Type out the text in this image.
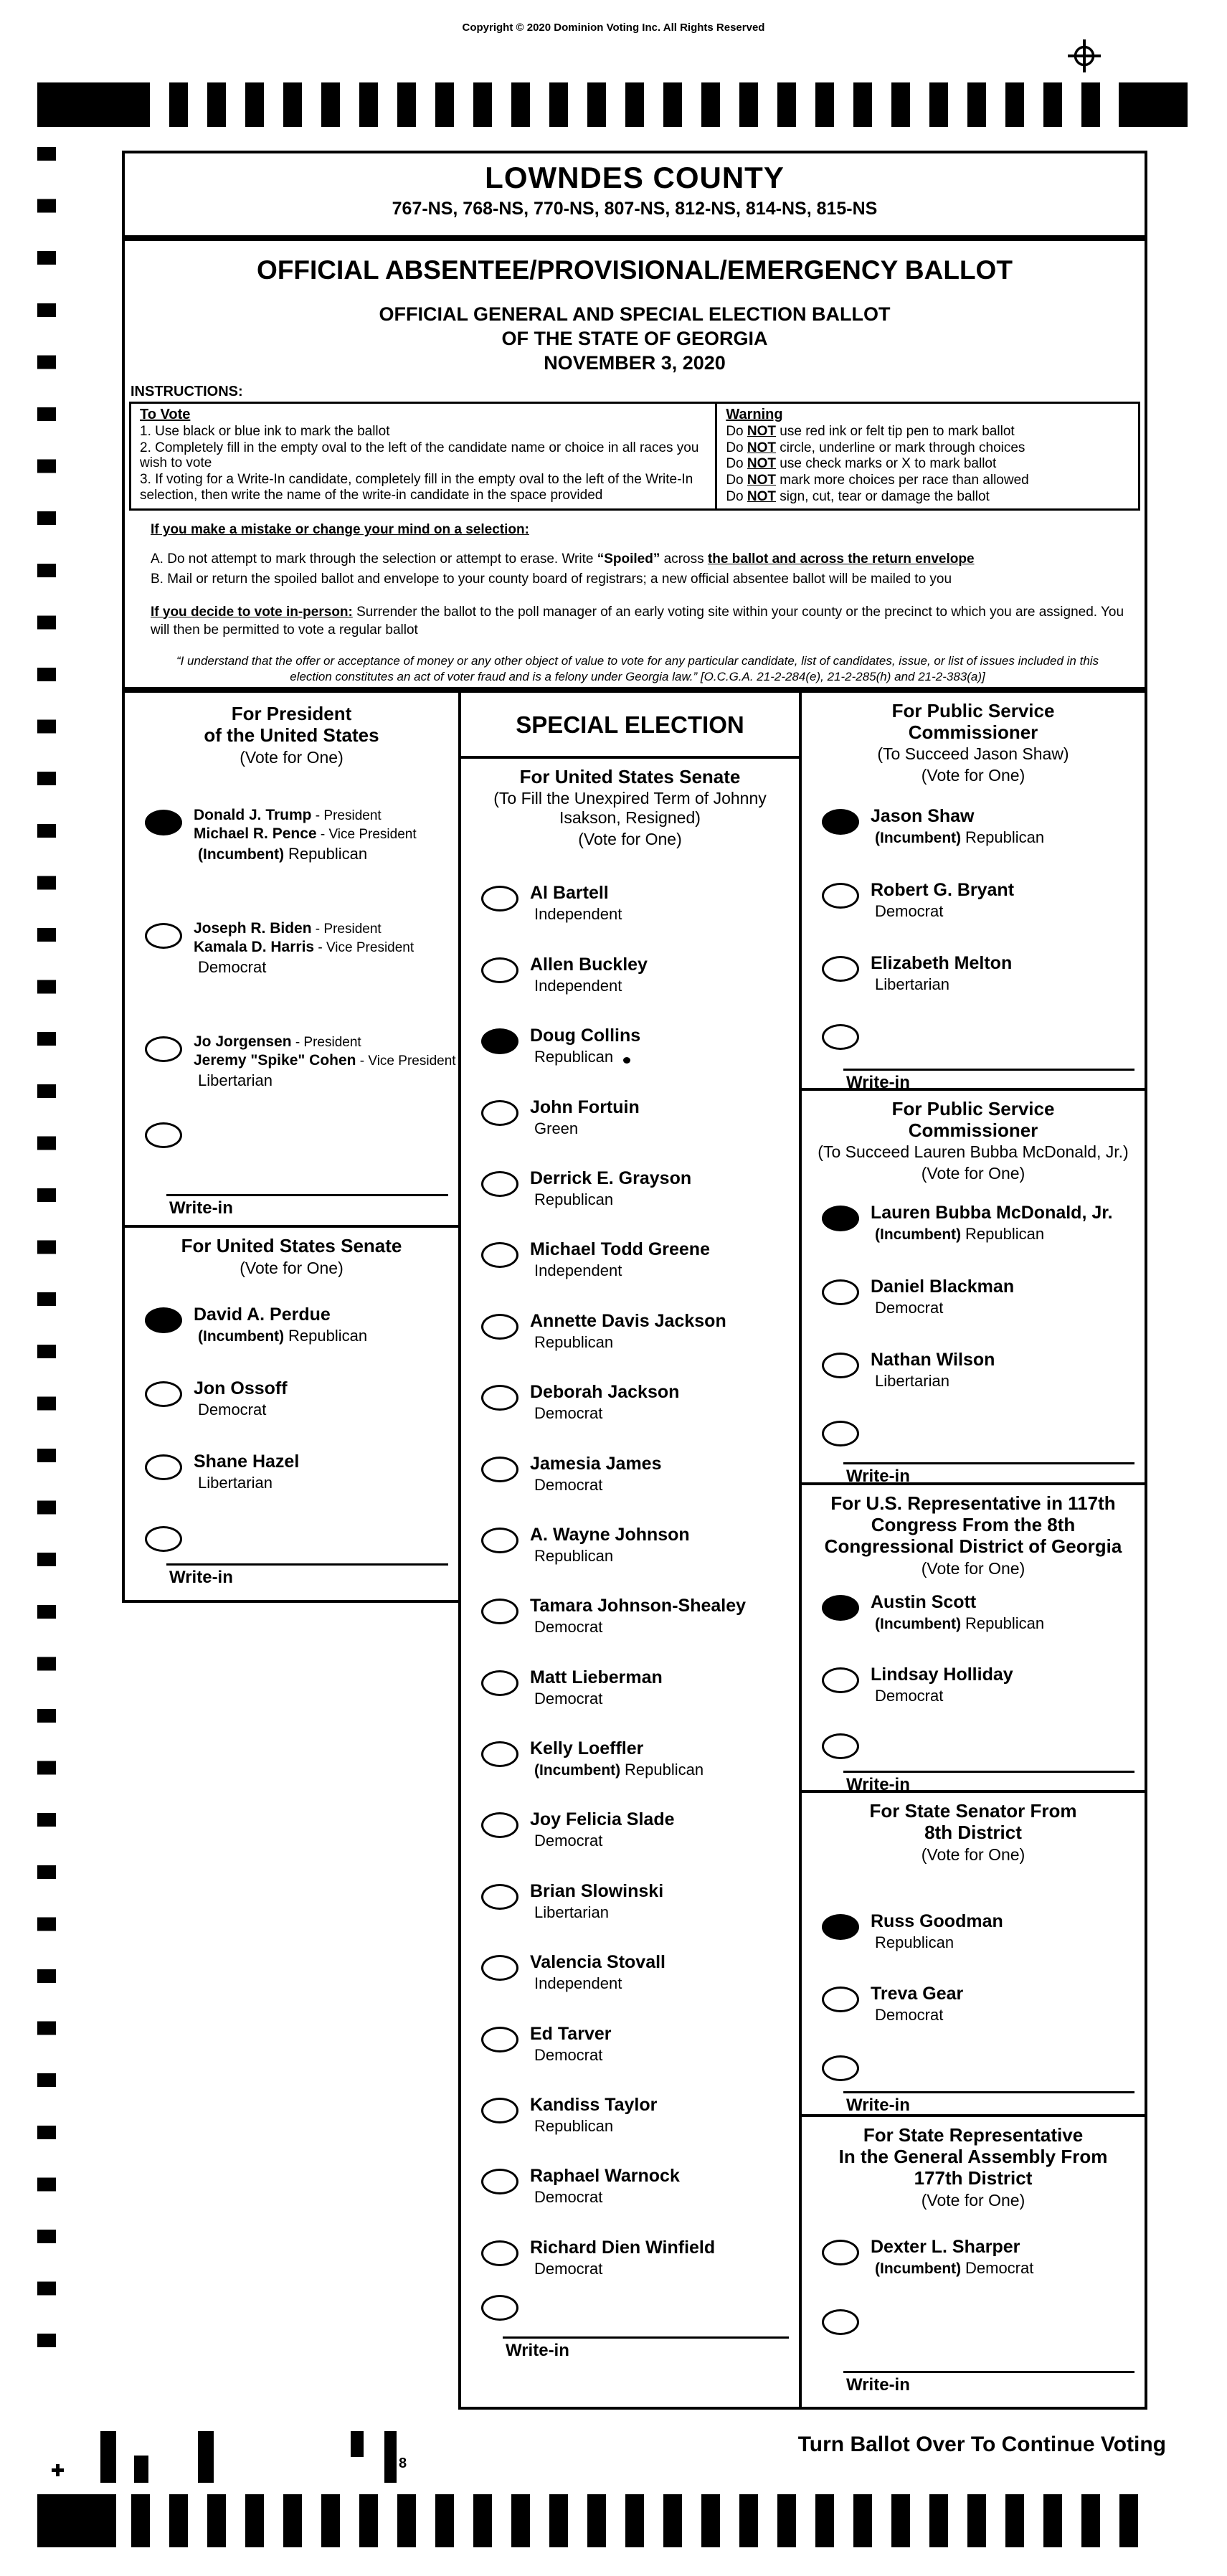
Copyright © 2020 Dominion Voting Inc. All Rights Reserved
LOWNDES COUNTY
767-NS, 768-NS, 770-NS, 807-NS, 812-NS, 814-NS, 815-NS
OFFICIAL ABSENTEE/PROVISIONAL/EMERGENCY BALLOT
OFFICIAL GENERAL AND SPECIAL ELECTION BALLOT
OF THE STATE OF GEORGIA
NOVEMBER 3, 2020
INSTRUCTIONS:
To Vote
1. Use black or blue ink to mark the ballot
2. Completely fill in the empty oval to the left of the candidate name or choice in all races you wish to vote
3. If voting for a Write-In candidate, completely fill in the empty oval to the left of the Write-In selection, then write the name of the write-in candidate in the space provided
Warning
Do NOT use red ink or felt tip pen to mark ballot
Do NOT circle, underline or mark through choices
Do NOT use check marks or X to mark ballot
Do NOT mark more choices per race than allowed
Do NOT sign, cut, tear or damage the ballot
If you make a mistake or change your mind on a selection:
A. Do not attempt to mark through the selection or attempt to erase. Write “Spoiled” across the ballot and across the return envelope
B. Mail or return the spoiled ballot and envelope to your county board of registrars; a new official absentee ballot will be mailed to you
If you decide to vote in-person: Surrender the ballot to the poll manager of an early voting site within your county or the precinct to which you are assigned. You will then be permitted to vote a regular ballot
“I understand that the offer or acceptance of money or any other object of value to vote for any particular candidate, list of candidates, issue, or list of issues included in this election constitutes an act of voter fraud and is a felony under Georgia law.” [O.C.G.A. 21-2-284(e), 21-2-285(h) and 21-2-383(a)]
For President
of the United States
(Vote for One)
Donald J. Trump - President
Michael R. Pence - Vice President
(Incumbent) Republican
Joseph R. Biden - President
Kamala D. Harris - Vice President
Democrat
Jo Jorgensen - President
Jeremy "Spike" Cohen - Vice President
Libertarian
Write-in
For United States Senate
(Vote for One)
David A. Perdue
(Incumbent) Republican
Jon Ossoff
Democrat
Shane Hazel
Libertarian
Write-in
SPECIAL ELECTION
For United States Senate
(To Fill the Unexpired Term of Johnny
Isakson, Resigned)
(Vote for One)
Al Bartell
Independent
Allen Buckley
Independent
Doug Collins
Republican
John Fortuin
Green
Derrick E. Grayson
Republican
Michael Todd Greene
Independent
Annette Davis Jackson
Republican
Deborah Jackson
Democrat
Jamesia James
Democrat
A. Wayne Johnson
Republican
Tamara Johnson-Shealey
Democrat
Matt Lieberman
Democrat
Kelly Loeffler
(Incumbent) Republican
Joy Felicia Slade
Democrat
Brian Slowinski
Libertarian
Valencia Stovall
Independent
Ed Tarver
Democrat
Kandiss Taylor
Republican
Raphael Warnock
Democrat
Richard Dien Winfield
Democrat
Write-in
For Public Service
Commissioner
(To Succeed Jason Shaw)
(Vote for One)
Jason Shaw
(Incumbent) Republican
Robert G. Bryant
Democrat
Elizabeth Melton
Libertarian
Write-in
For Public Service
Commissioner
(To Succeed Lauren Bubba McDonald, Jr.)
(Vote for One)
Lauren Bubba McDonald, Jr.
(Incumbent) Republican
Daniel Blackman
Democrat
Nathan Wilson
Libertarian
Write-in
For U.S. Representative in 117th
Congress From the 8th
Congressional District of Georgia
(Vote for One)
Austin Scott
(Incumbent) Republican
Lindsay Holliday
Democrat
Write-in
For State Senator From
8th District
(Vote for One)
Russ Goodman
Republican
Treva Gear
Democrat
Write-in
For State Representative
In the General Assembly From
177th District
(Vote for One)
Dexter L. Sharper
(Incumbent) Democrat
Write-in
8
Turn Ballot Over To Continue Voting
